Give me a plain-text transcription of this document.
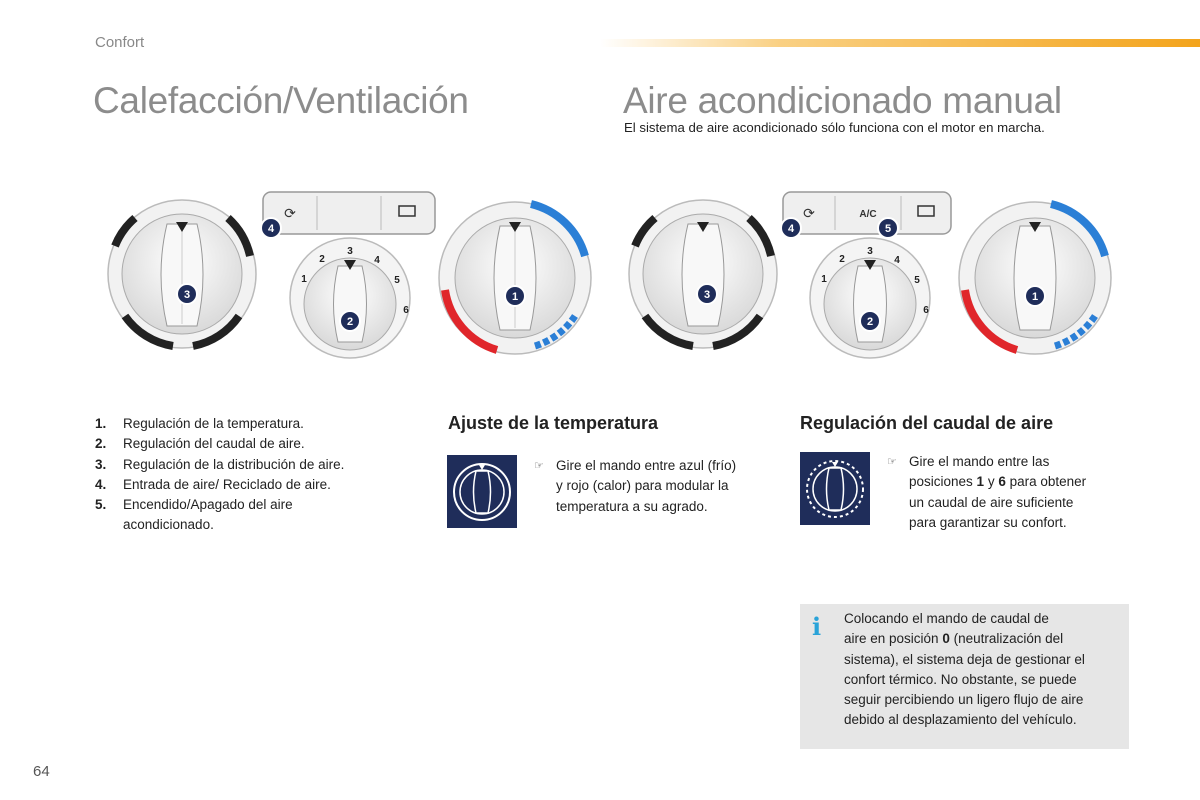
Confort
Calefacción/Ventilación	Aire acondicionado manual
El sistema de aire acondicionado sólo funciona con el motor en marcha.
⟳
3
2	4
1	5
6
4
3
2
1
⟳	A/C
3
2	4
1	5
6
4	5
3
2
1
1. Regulación de la temperatura.
2. Regulación del caudal de aire.
3. Regulación de la distribución de aire.
4. Entrada de aire/ Reciclado de aire.
5. Encendido/Apagado del aire
acondicionado.
Ajuste de la temperatura
☞ Gire el mando entre azul (frío)
y rojo (calor) para modular la
temperatura a su agrado.
Regulación del caudal de aire
☞ Gire el mando entre las
posiciones 1 y 6 para obtener
un caudal de aire suficiente
para garantizar su confort.
i Colocando el mando de caudal de
aire en posición 0 (neutralización del
sistema), el sistema deja de gestionar el
confort térmico. No obstante, se puede
seguir percibiendo un ligero flujo de aire
debido al desplazamiento del vehículo.
64
